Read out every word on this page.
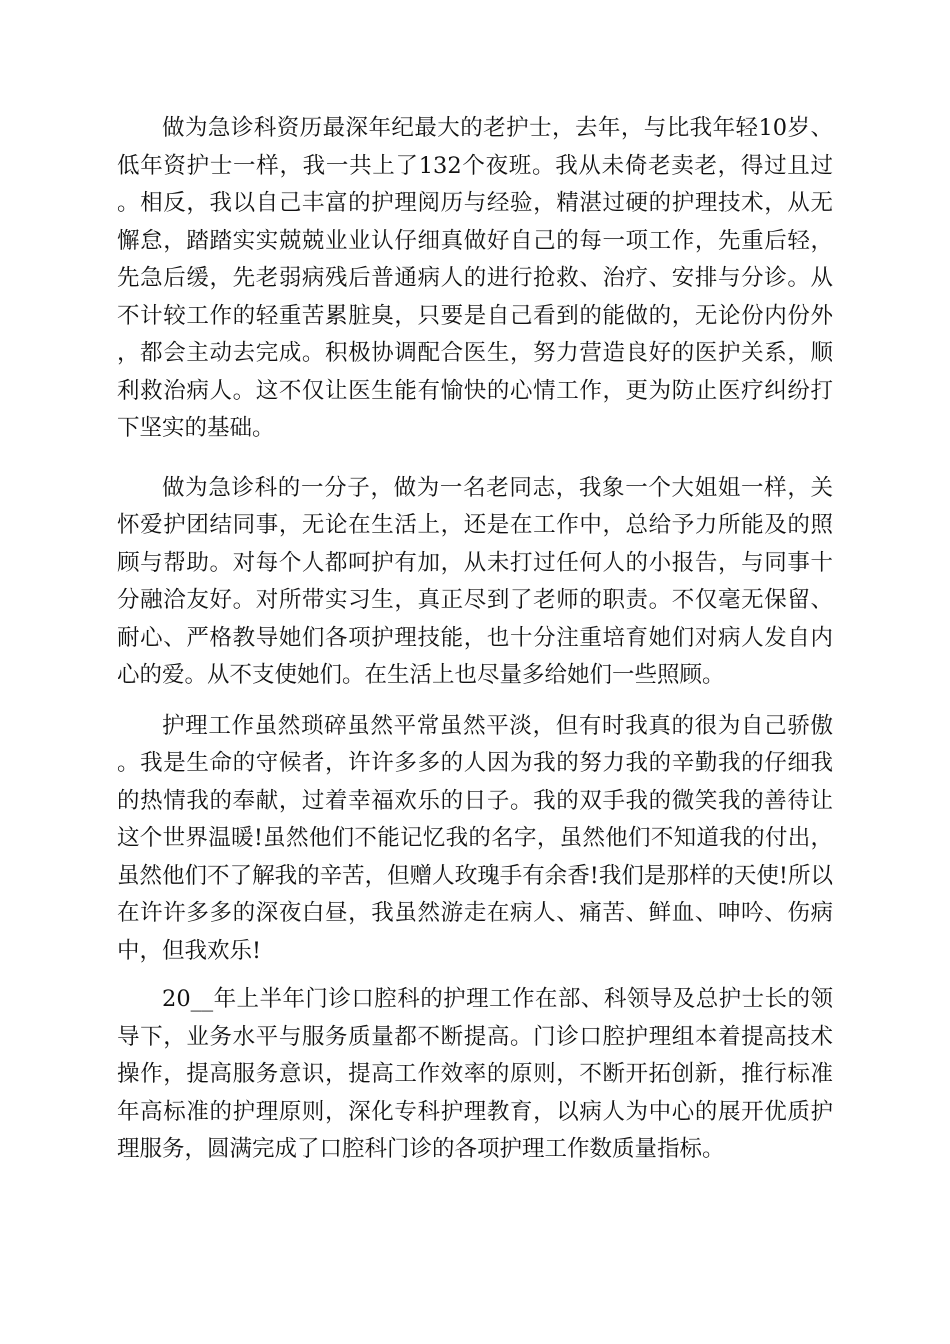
做为急诊科资历最深年纪最大的老护士，去年，与比我年轻10岁、低年资护士一样，我一共上了132个夜班。我从未倚老卖老，得过且过。相反，我以自己丰富的护理阅历与经验，精湛过硬的护理技术，从无懈怠，踏踏实实兢兢业业认仔细真做好自己的每一项工作，先重后轻，先急后缓，先老弱病残后普通病人的进行抢救、治疗、安排与分诊。从不计较工作的轻重苦累脏臭，只要是自己看到的能做的，无论份内份外，都会主动去完成。积极协调配合医生，努力营造良好的医护关系，顺利救治病人。这不仅让医生能有愉快的心情工作，更为防止医疗纠纷打下坚实的基础。

做为急诊科的一分子，做为一名老同志，我象一个大姐姐一样，关怀爱护团结同事，无论在生活上，还是在工作中，总给予力所能及的照顾与帮助。对每个人都呵护有加，从未打过任何人的小报告，与同事十分融洽友好。对所带实习生，真正尽到了老师的职责。不仅毫无保留、耐心、严格教导她们各项护理技能，也十分注重培育她们对病人发自内心的爱。从不支使她们。在生活上也尽量多给她们一些照顾。

护理工作虽然琐碎虽然平常虽然平淡，但有时我真的很为自己骄傲。我是生命的守候者，许许多多的人因为我的努力我的辛勤我的仔细我的热情我的奉献，过着幸福欢乐的日子。我的双手我的微笑我的善待让这个世界温暖!虽然他们不能记忆我的名字，虽然他们不知道我的付出，虽然他们不了解我的辛苦，但赠人玫瑰手有余香!我们是那样的天使!所以在许许多多的深夜白昼，我虽然游走在病人、痛苦、鲜血、呻吟、伤病中，但我欢乐!

20__年上半年门诊口腔科的护理工作在部、科领导及总护士长的领导下，业务水平与服务质量都不断提高。门诊口腔护理组本着提高技术操作，提高服务意识，提高工作效率的原则，不断开拓创新，推行标准年高标准的护理原则，深化专科护理教育，以病人为中心的展开优质护理服务，圆满完成了口腔科门诊的各项护理工作数质量指标。
